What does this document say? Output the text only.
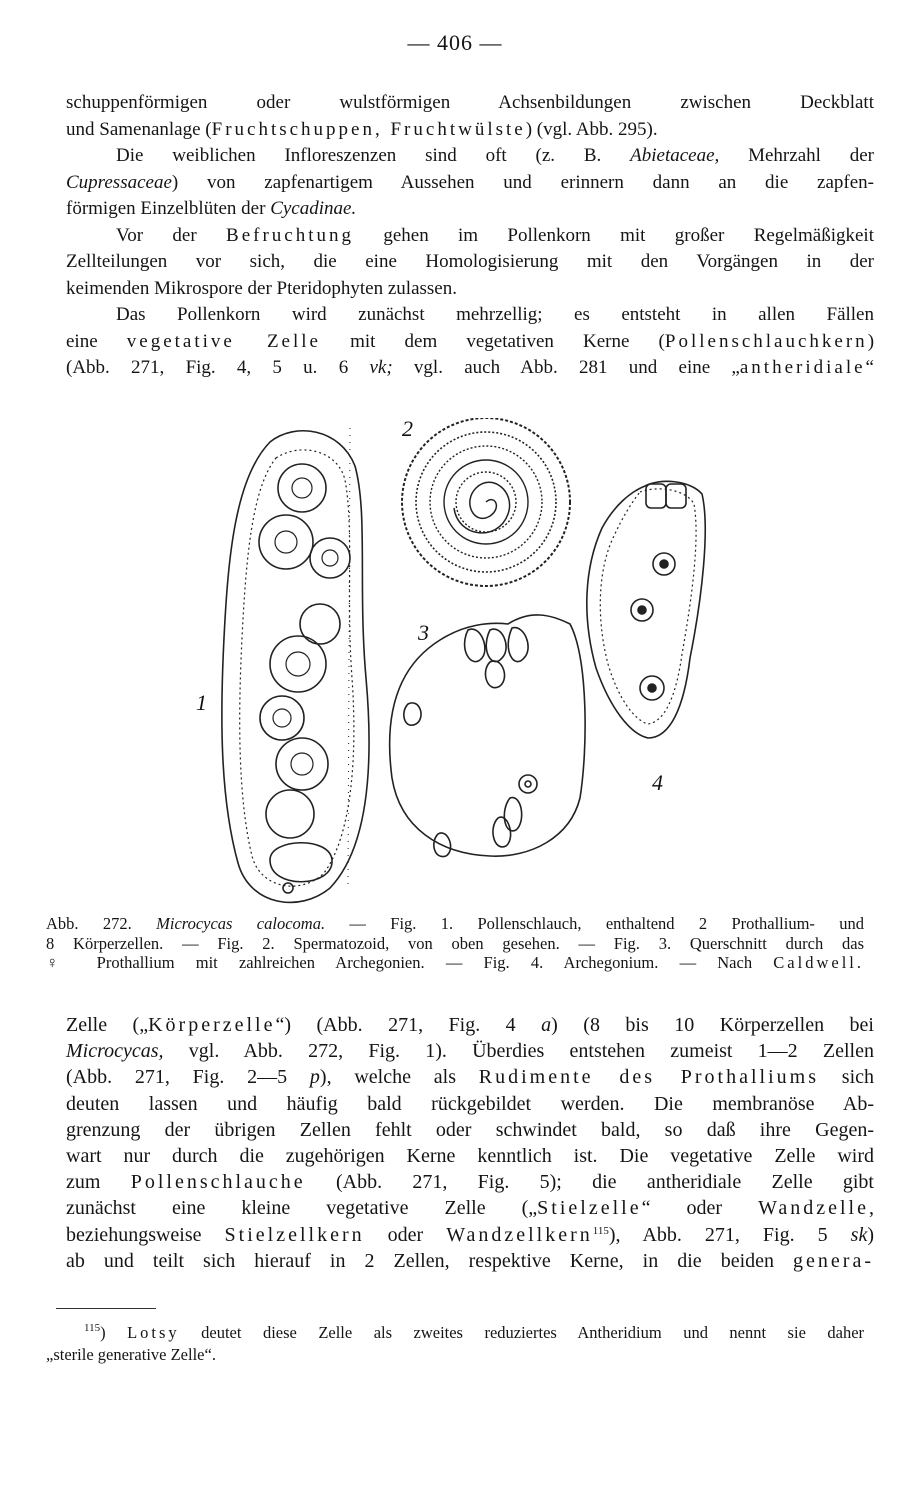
— 406 —
schuppenförmigen oder wulstförmigen Achsenbildungen zwischen Deckblatt
und Samenanlage (Fruchtschuppen, Fruchtwülste) (vgl. Abb. 295).
Die weiblichen Infloreszenzen sind oft (z. B. Abietaceae, Mehrzahl der
Cupressaceae) von zapfenartigem Aussehen und erinnern dann an die zapfen-
förmigen Einzelblüten der Cycadinae.
Vor der Befruchtung gehen im Pollenkorn mit großer Regelmäßigkeit
Zellteilungen vor sich, die eine Homologisierung mit den Vorgängen in der
keimenden Mikrospore der Pteridophyten zulassen.
Das Pollenkorn wird zunächst mehrzellig; es entsteht in allen Fällen
eine vegetative Zelle mit dem vegetativen Kerne (Pollenschlauchkern)
(Abb. 271, Fig. 4, 5 u. 6 vk; vgl. auch Abb. 281 und eine „antheridiale“
1
2
3
4
Abb. 272. Microcycas calocoma. — Fig. 1. Pollenschlauch, enthaltend 2 Prothallium- und
8 Körperzellen. — Fig. 2. Spermatozoid, von oben gesehen. — Fig. 3. Querschnitt durch das
♀ Prothallium mit zahlreichen Archegonien. — Fig. 4. Archegonium. — Nach Caldwell.
Zelle („Körperzelle“) (Abb. 271, Fig. 4 a) (8 bis 10 Körperzellen bei
Microcycas, vgl. Abb. 272, Fig. 1). Überdies entstehen zumeist 1—2 Zellen
(Abb. 271, Fig. 2—5 p), welche als Rudimente des Prothalliums sich
deuten lassen und häufig bald rückgebildet werden. Die membranöse Ab-
grenzung der übrigen Zellen fehlt oder schwindet bald, so daß ihre Gegen-
wart nur durch die zugehörigen Kerne kenntlich ist. Die vegetative Zelle wird
zum Pollenschlauche (Abb. 271, Fig. 5); die antheridiale Zelle gibt
zunächst eine kleine vegetative Zelle („Stielzelle“ oder Wandzelle,
beziehungsweise Stielzellkern oder Wandzellkern$^{115}$), Abb. 271, Fig. 5 sk)
ab und teilt sich hierauf in 2 Zellen, respektive Kerne, in die beiden genera-
$^{115}$) Lotsy deutet diese Zelle als zweites reduziertes Antheridium und nennt sie daher
„sterile generative Zelle“.
